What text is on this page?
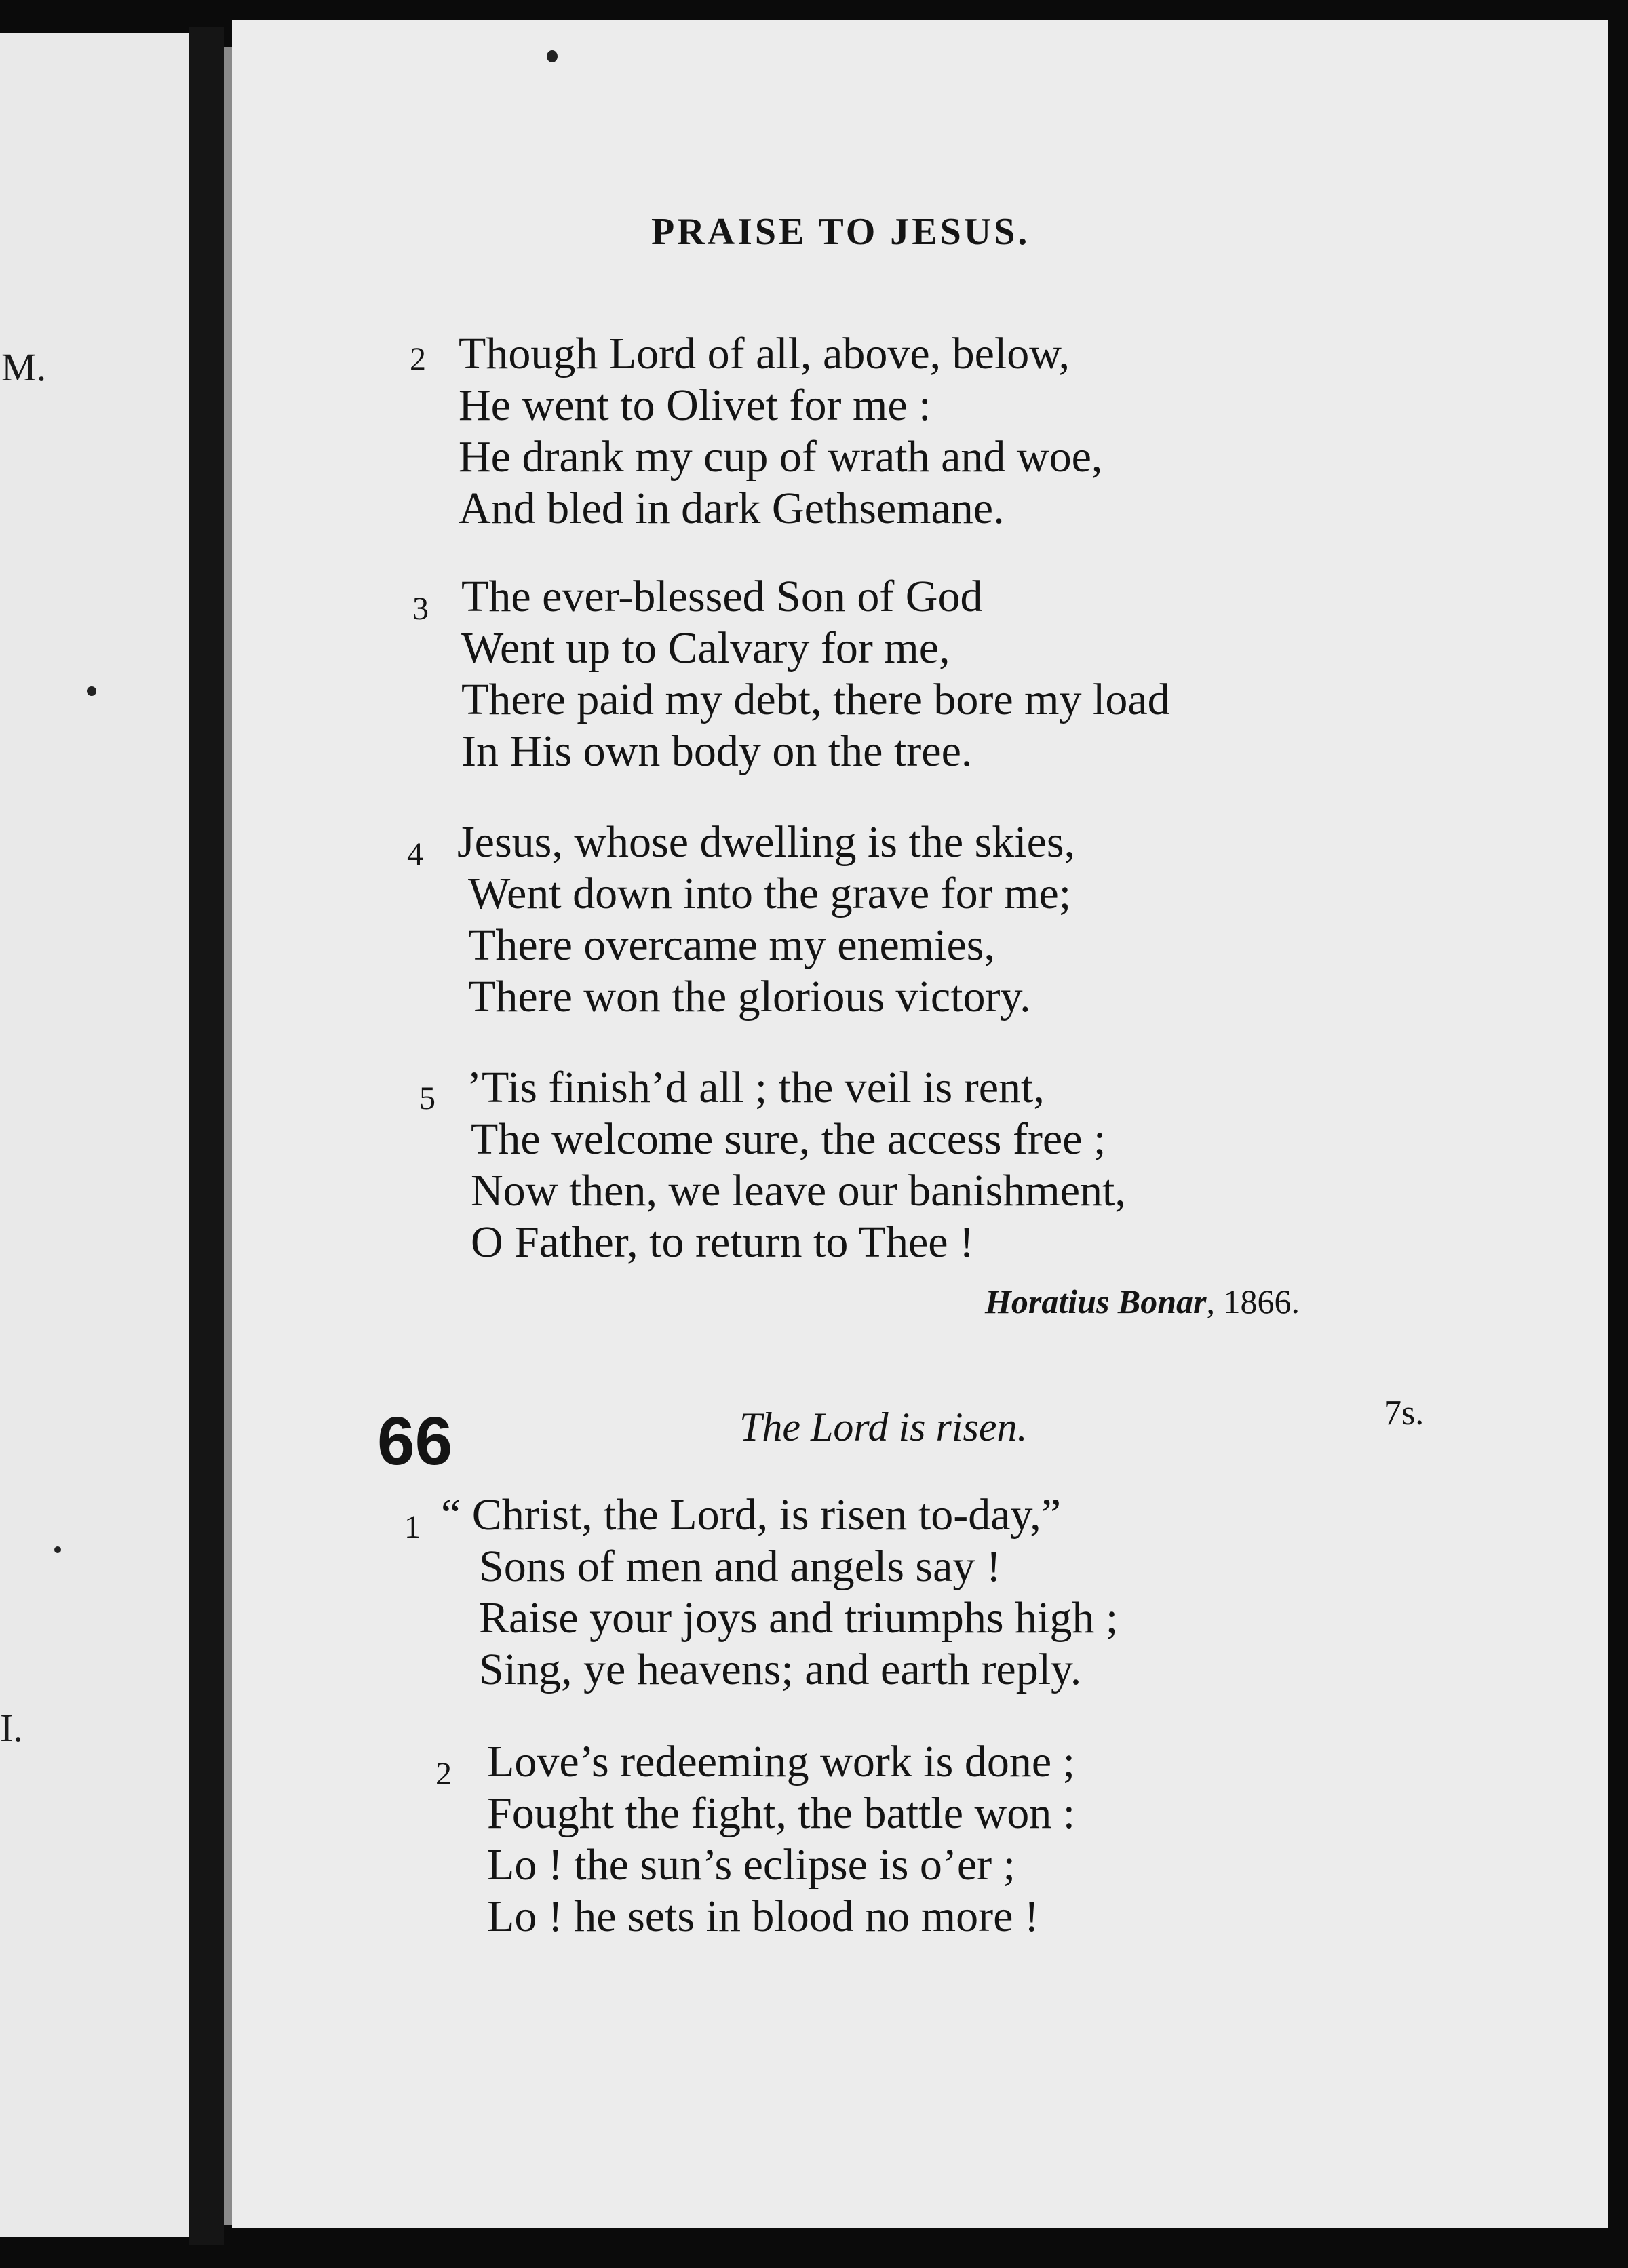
M.
I.
PRAISE TO JESUS.
2 Though Lord of all, above, below,
He went to Olivet for me :
He drank my cup of wrath and woe,
And bled in dark Gethsemane.
3 The ever-blessed Son of God
Went up to Calvary for me,
There paid my debt, there bore my load
In His own body on the tree.
4 Jesus, whose dwelling is the skies,
Went down into the grave for me;
There overcame my enemies,
There won the glorious victory.
5 ’Tis finish’d all ; the veil is rent,
The welcome sure, the access free ;
Now then, we leave our banishment,
O Father, to return to Thee !
Horatius Bonar, 1866.
66	The Lord is risen.	7s.
1 “ Christ, the Lord, is risen to-day,”
Sons of men and angels say !
Raise your joys and triumphs high ;
Sing, ye heavens; and earth reply.
2 Love’s redeeming work is done ;
Fought the fight, the battle won :
Lo ! the sun’s eclipse is o’er ;
Lo ! he sets in blood no more !
